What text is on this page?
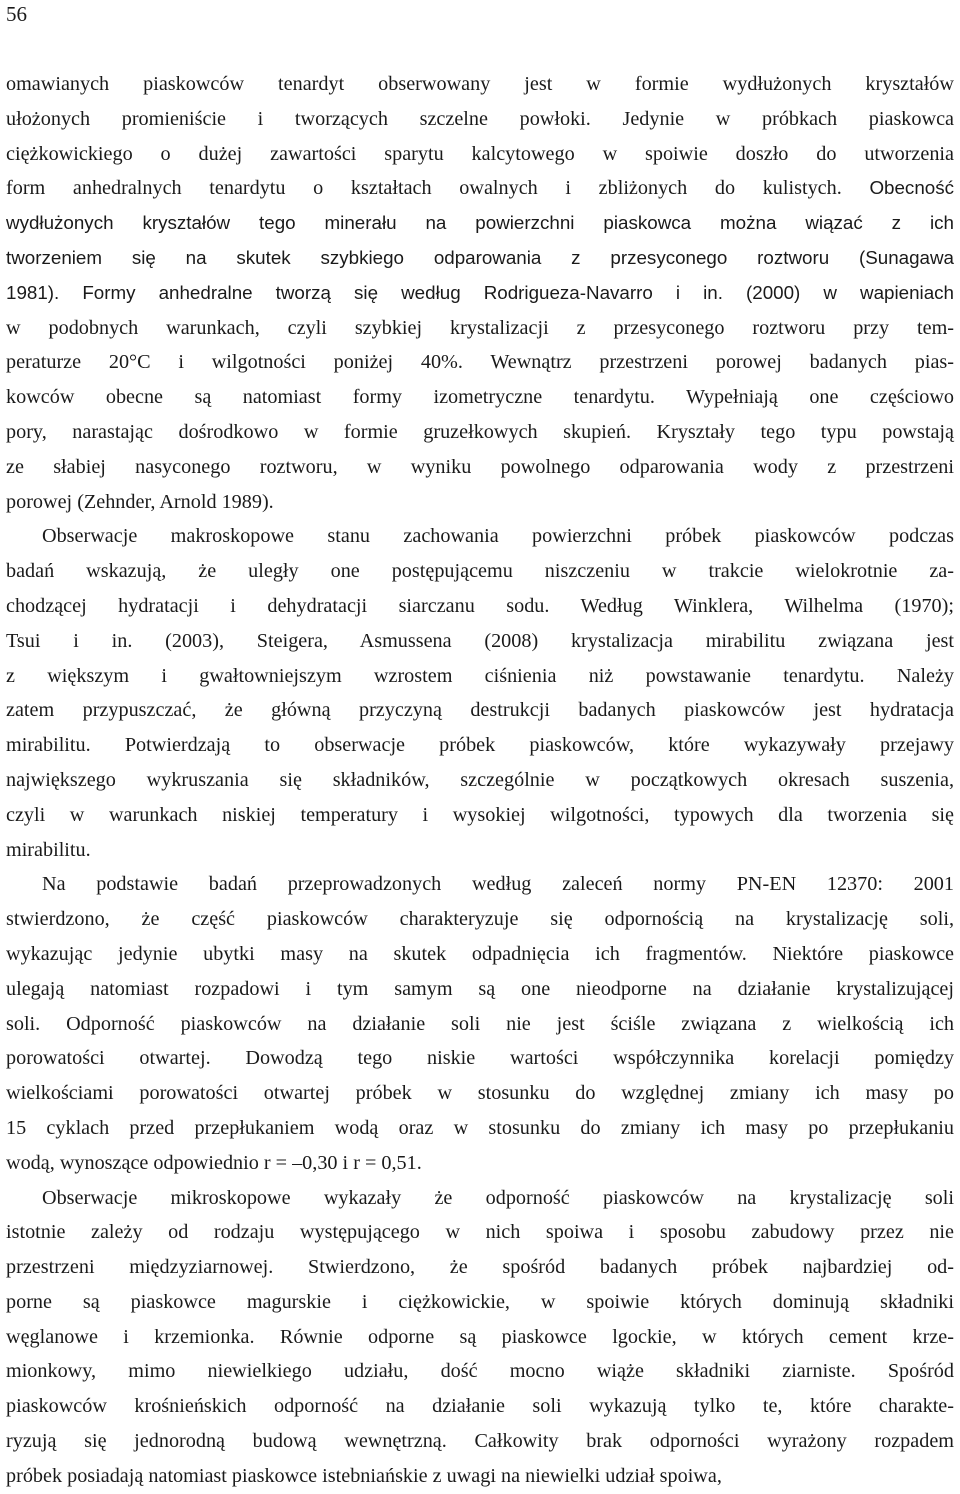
56
omawianych piaskowców tenardyt obserwowany jest w formie wydłużonych kryształów
ułożonych promieniście i tworzących szczelne powłoki. Jedynie w próbkach piaskowca
ciężkowickiego o dużej zawartości sparytu kalcytowego w spoiwie doszło do utworzenia
form anhedralnych tenardytu o kształtach owalnych i zbliżonych do kulistych. Obecność
wydłużonych kryształów tego minerału na powierzchni piaskowca można wiązać z ich
tworzeniem się na skutek szybkiego odparowania z przesyconego roztworu (Sunagawa
1981). Formy anhedralne tworzą się według Rodrigueza-Navarro i in. (2000) w wapieniach
w podobnych warunkach, czyli szybkiej krystalizacji z przesyconego roztworu przy tem-
peraturze 20°C i wilgotności poniżej 40%. Wewnątrz przestrzeni porowej badanych pias-
kowców obecne są natomiast formy izometryczne tenardytu. Wypełniają one częściowo
pory, narastając dośrodkowo w formie gruzełkowych skupień. Kryształy tego typu powstają
ze słabiej nasyconego roztworu, w wyniku powolnego odparowania wody z przestrzeni
porowej (Zehnder, Arnold 1989).
Obserwacje makroskopowe stanu zachowania powierzchni próbek piaskowców podczas
badań wskazują, że uległy one postępującemu niszczeniu w trakcie wielokrotnie za-
chodzącej hydratacji i dehydratacji siarczanu sodu. Według Winklera, Wilhelma (1970);
Tsui i in. (2003), Steigera, Asmussena (2008) krystalizacja mirabilitu związana jest
z większym i gwałtowniejszym wzrostem ciśnienia niż powstawanie tenardytu. Należy
zatem przypuszczać, że główną przyczyną destrukcji badanych piaskowców jest hydratacja
mirabilitu. Potwierdzają to obserwacje próbek piaskowców, które wykazywały przejawy
największego wykruszania się składników, szczególnie w początkowych okresach suszenia,
czyli w warunkach niskiej temperatury i wysokiej wilgotności, typowych dla tworzenia się
mirabilitu.
Na podstawie badań przeprowadzonych według zaleceń normy PN-EN 12370: 2001
stwierdzono, że część piaskowców charakteryzuje się odpornością na krystalizację soli,
wykazując jedynie ubytki masy na skutek odpadnięcia ich fragmentów. Niektóre piaskowce
ulegają natomiast rozpadowi i tym samym są one nieodporne na działanie krystalizującej
soli. Odporność piaskowców na działanie soli nie jest ściśle związana z wielkością ich
porowatości otwartej. Dowodzą tego niskie wartości współczynnika korelacji pomiędzy
wielkościami porowatości otwartej próbek w stosunku do względnej zmiany ich masy po
15 cyklach przed przepłukaniem wodą oraz w stosunku do zmiany ich masy po przepłukaniu
wodą, wynoszące odpowiednio r = –0,30 i r = 0,51.
Obserwacje mikroskopowe wykazały że odporność piaskowców na krystalizację soli
istotnie zależy od rodzaju występującego w nich spoiwa i sposobu zabudowy przez nie
przestrzeni międzyziarnowej. Stwierdzono, że spośród badanych próbek najbardziej od-
porne są piaskowce magurskie i ciężkowickie, w spoiwie których dominują składniki
węglanowe i krzemionka. Równie odporne są piaskowce lgockie, w których cement krze-
mionkowy, mimo niewielkiego udziału, dość mocno wiąże składniki ziarniste. Spośród
piaskowców krośnieńskich odporność na działanie soli wykazują tylko te, które charakte-
ryzują się jednorodną budową wewnętrzną. Całkowity brak odporności wyrażony rozpadem
próbek posiadają natomiast piaskowce istebniańskie z uwagi na niewielki udział spoiwa,
